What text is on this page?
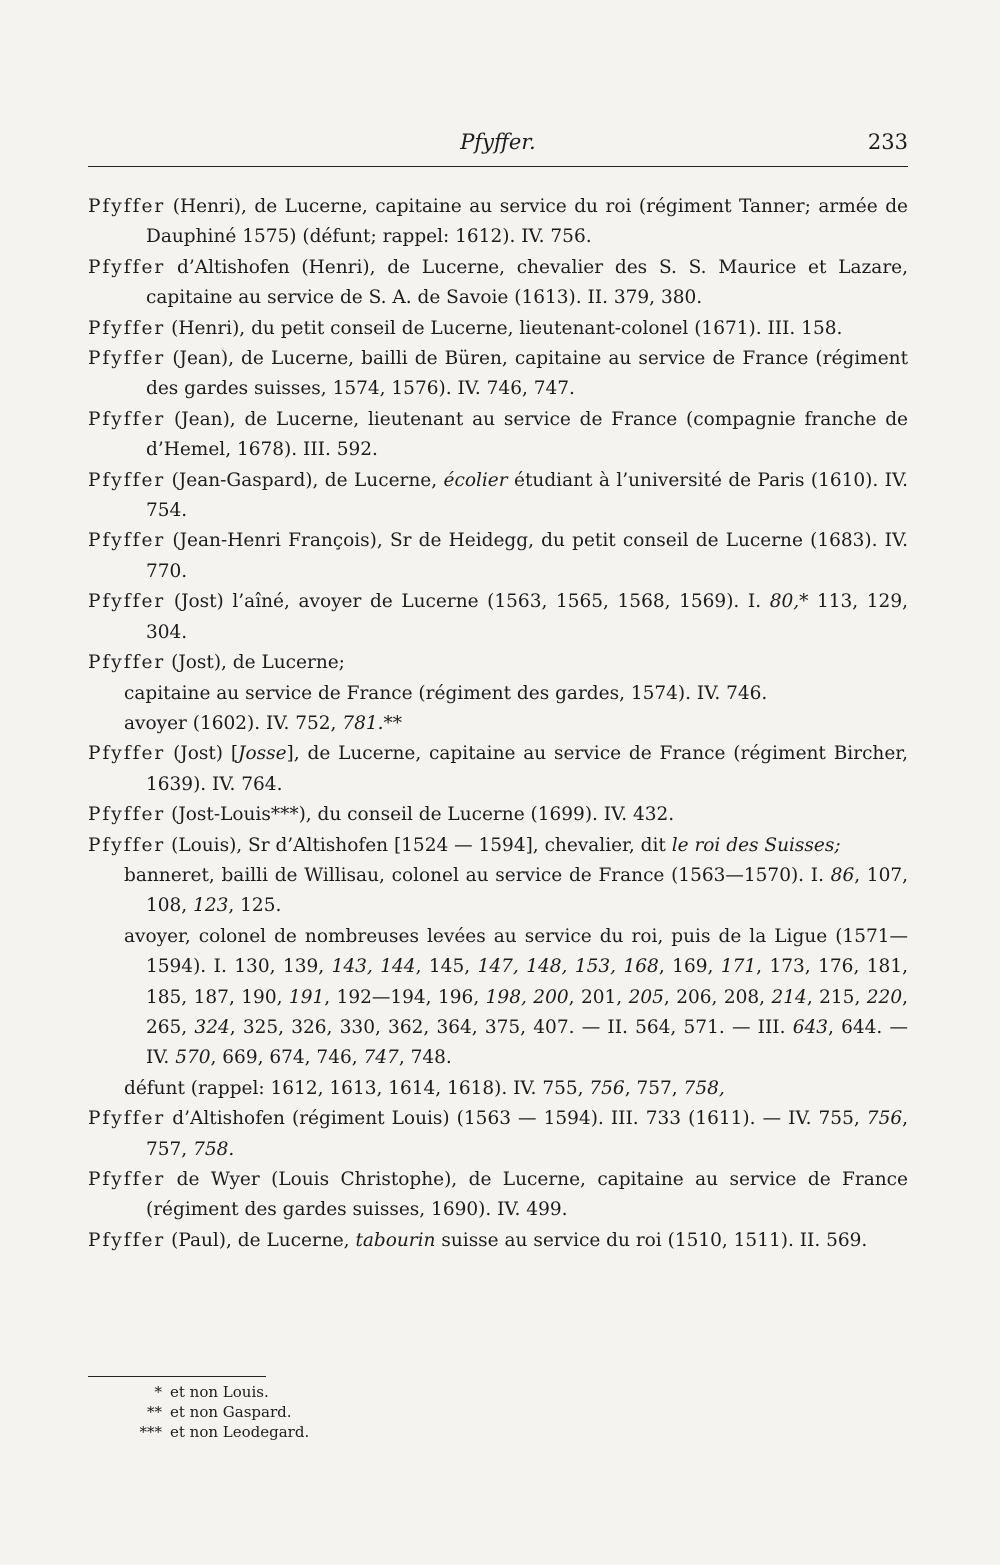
Pfyffer.	233

Pfyffer (Henri), de Lucerne, capitaine au service du roi (régiment Tanner; armée de Dauphiné 1575) (défunt; rappel: 1612). IV. 756.

Pfyffer d’Altishofen (Henri), de Lucerne, chevalier des S. S. Maurice et Lazare, capitaine au service de S. A. de Savoie (1613). II. 379, 380.

Pfyffer (Henri), du petit conseil de Lucerne, lieutenant-colonel (1671). III. 158.

Pfyffer (Jean), de Lucerne, bailli de Büren, capitaine au service de France (régiment des gardes suisses, 1574, 1576). IV. 746, 747.

Pfyffer (Jean), de Lucerne, lieutenant au service de France (compagnie franche de d’Hemel, 1678). III. 592.

Pfyffer (Jean-Gaspard), de Lucerne, écolier étudiant à l’université de Paris (1610). IV. 754.

Pfyffer (Jean-Henri François), Sr de Heidegg, du petit conseil de Lucerne (1683). IV. 770.

Pfyffer (Jost) l’aîné, avoyer de Lucerne (1563, 1565, 1568, 1569). I. 80,* 113, 129, 304.

Pfyffer (Jost), de Lucerne;

capitaine au service de France (régiment des gardes, 1574). IV. 746.

avoyer (1602). IV. 752, 781.**

Pfyffer (Jost) [Josse], de Lucerne, capitaine au service de France (régiment Bircher, 1639). IV. 764.

Pfyffer (Jost-Louis***), du conseil de Lucerne (1699). IV. 432.

Pfyffer (Louis), Sr d’Altishofen [1524 — 1594], chevalier, dit le roi des Suisses;

banneret, bailli de Willisau, colonel au service de France (1563—1570). I. 86, 107, 108, 123, 125.

avoyer, colonel de nombreuses levées au service du roi, puis de la Ligue (1571—1594). I. 130, 139, 143, 144, 145, 147, 148, 153, 168, 169, 171, 173, 176, 181, 185, 187, 190, 191, 192—194, 196, 198, 200, 201, 205, 206, 208, 214, 215, 220, 265, 324, 325, 326, 330, 362, 364, 375, 407. — II. 564, 571. — III. 643, 644. — IV. 570, 669, 674, 746, 747, 748.

défunt (rappel: 1612, 1613, 1614, 1618). IV. 755, 756, 757, 758,

Pfyffer d’Altishofen (régiment Louis) (1563 — 1594). III. 733 (1611). — IV. 755, 756, 757, 758.

Pfyffer de Wyer (Louis Christophe), de Lucerne, capitaine au service de France (régiment des gardes suisses, 1690). IV. 499.

Pfyffer (Paul), de Lucerne, tabourin suisse au service du roi (1510, 1511). II. 569.

* et non Louis.

** et non Gaspard.

*** et non Leodegard.
